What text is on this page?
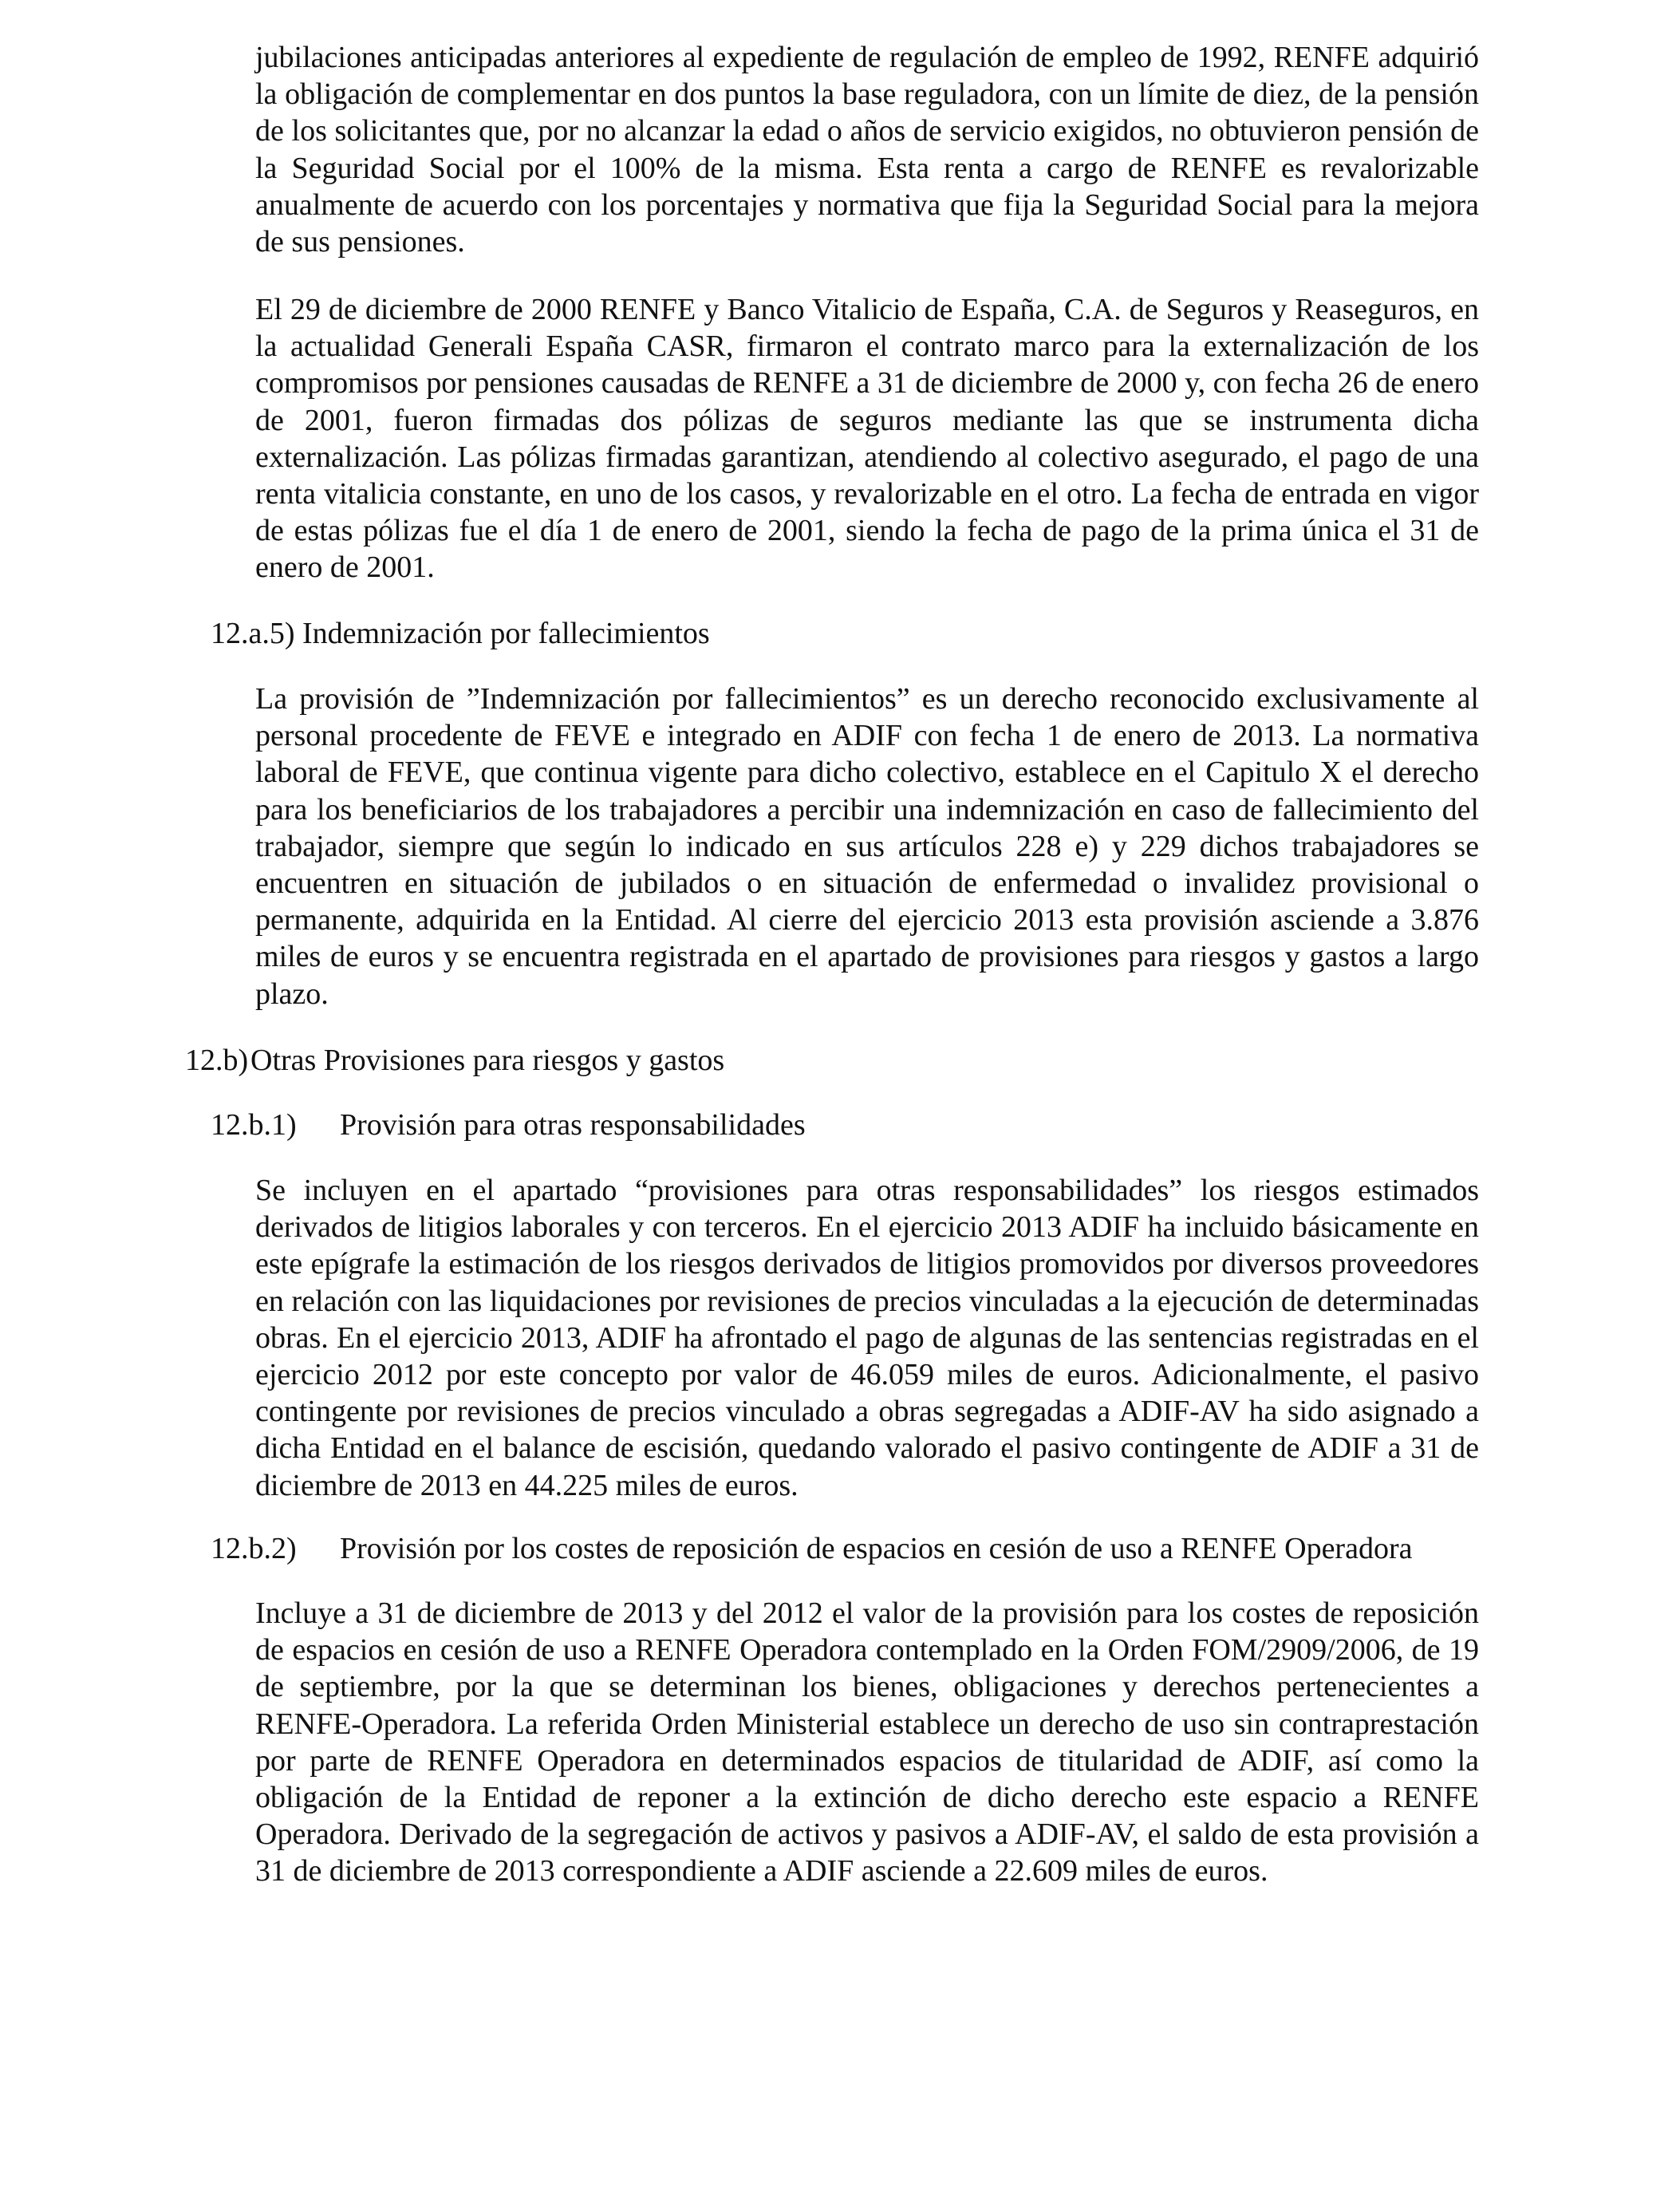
jubilaciones anticipadas anteriores al expediente de regulación de empleo de 1992, RENFE adquirió la obligación de complementar en dos puntos la base reguladora, con un límite de diez, de la pensión de los solicitantes que, por no alcanzar la edad o años de servicio exigidos, no obtuvieron pensión de la Seguridad Social por el 100% de la misma. Esta renta a cargo de RENFE es revalorizable anualmente de acuerdo con los porcentajes y normativa que fija la Seguridad Social para la mejora de sus pensiones.

El 29 de diciembre de 2000 RENFE y Banco Vitalicio de España, C.A. de Seguros y Reaseguros, en la actualidad Generali España CASR, firmaron el contrato marco para la externalización de los compromisos por pensiones causadas de RENFE a 31 de diciembre de 2000 y, con fecha 26 de enero de 2001, fueron firmadas dos pólizas de seguros mediante las que se instrumenta dicha externalización. Las pólizas firmadas garantizan, atendiendo al colectivo asegurado, el pago de una renta vitalicia constante, en uno de los casos, y revalorizable en el otro. La fecha de entrada en vigor de estas pólizas fue el día 1 de enero de 2001, siendo la fecha de pago de la prima única el 31 de enero de 2001.

12.a.5) Indemnización por fallecimientos

La provisión de ”Indemnización por fallecimientos” es un derecho reconocido exclusivamente al personal procedente de FEVE e integrado en ADIF con fecha 1 de enero de 2013. La normativa laboral de FEVE, que continua vigente para dicho colectivo, establece en el Capitulo X el derecho para los beneficiarios de los trabajadores a percibir una indemnización en caso de fallecimiento del trabajador, siempre que según lo indicado en sus artículos 228 e) y 229 dichos trabajadores se encuentren en situación de jubilados o en situación de enfermedad o invalidez provisional o permanente, adquirida en la Entidad. Al cierre del ejercicio 2013 esta provisión asciende a 3.876 miles de euros y se encuentra registrada en el apartado de provisiones para riesgos y gastos a largo plazo.

12.b)Otras Provisiones para riesgos y gastos

12.b.1) Provisión para otras responsabilidades

Se incluyen en el apartado “provisiones para otras responsabilidades” los riesgos estimados derivados de litigios laborales y con terceros. En el ejercicio 2013 ADIF ha incluido básicamente en este epígrafe la estimación de los riesgos derivados de litigios promovidos por diversos proveedores en relación con las liquidaciones por revisiones de precios vinculadas a la ejecución de determinadas obras. En el ejercicio 2013, ADIF ha afrontado el pago de algunas de las sentencias registradas en el ejercicio 2012 por este concepto por valor de 46.059 miles de euros. Adicionalmente, el pasivo contingente por revisiones de precios vinculado a obras segregadas a ADIF-AV ha sido asignado a dicha Entidad en el balance de escisión, quedando valorado el pasivo contingente de ADIF a 31 de diciembre de 2013 en 44.225 miles de euros.

12.b.2) Provisión por los costes de reposición de espacios en cesión de uso a RENFE Operadora

Incluye a 31 de diciembre de 2013 y del 2012 el valor de la provisión para los costes de reposición de espacios en cesión de uso a RENFE Operadora contemplado en la Orden FOM/2909/2006, de 19 de septiembre, por la que se determinan los bienes, obligaciones y derechos pertenecientes a RENFE-Operadora. La referida Orden Ministerial establece un derecho de uso sin contraprestación por parte de RENFE Operadora en determinados espacios de titularidad de ADIF, así como la obligación de la Entidad de reponer a la extinción de dicho derecho este espacio a RENFE Operadora. Derivado de la segregación de activos y pasivos a ADIF-AV, el saldo de esta provisión a 31 de diciembre de 2013 correspondiente a ADIF asciende a 22.609 miles de euros.
